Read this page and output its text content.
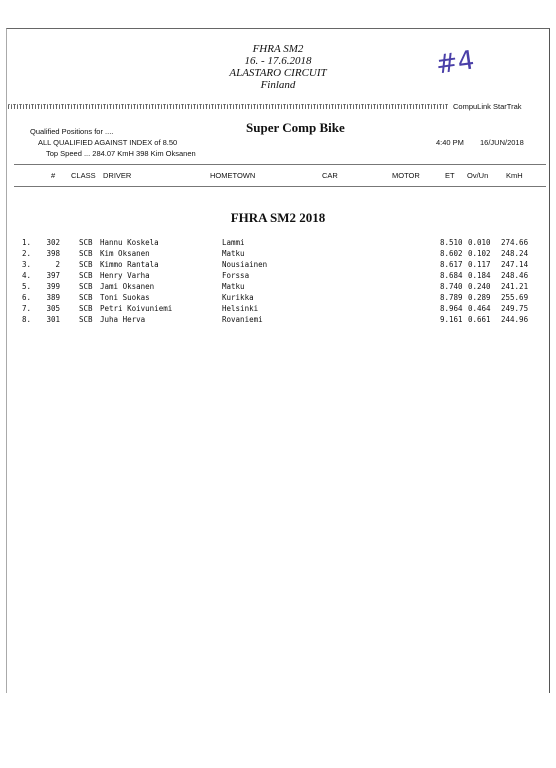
FHRA SM2
16. - 17.6.2018
ALASTARO CIRCUIT
Finland
#4
CompuLink StarTrak
Qualified Positions for ....
ALL QUALIFIED AGAINST INDEX of 8.50
Top Speed ... 284.07 KmH 398 Kim Oksanen
Super Comp Bike
4:40 PM 16/JUN/2018
# CLASS DRIVER	HOMETOWN	CAR	MOTOR	ET Ov/Un KmH
FHRA SM2 2018
1.	302	SCB Hannu Koskela	Lammi	8.510 0.010 274.66
2.	398	SCB Kim Oksanen	Matku	8.602 0.102 248.24
3.	2	SCB Kimmo Rantala	Nousiainen	8.617 0.117 247.14
4.	397	SCB Henry Varha	Forssa	8.684 0.184 248.46
5.	399	SCB Jami Oksanen	Matku	8.740 0.240 241.21
6.	389	SCB Toni Suokas	Kurikka	8.789 0.289 255.69
7.	305	SCB Petri Koivuniemi	Helsinki	8.964 0.464 249.75
8.	301	SCB Juha Herva	Rovaniemi	9.161 0.661 244.96
